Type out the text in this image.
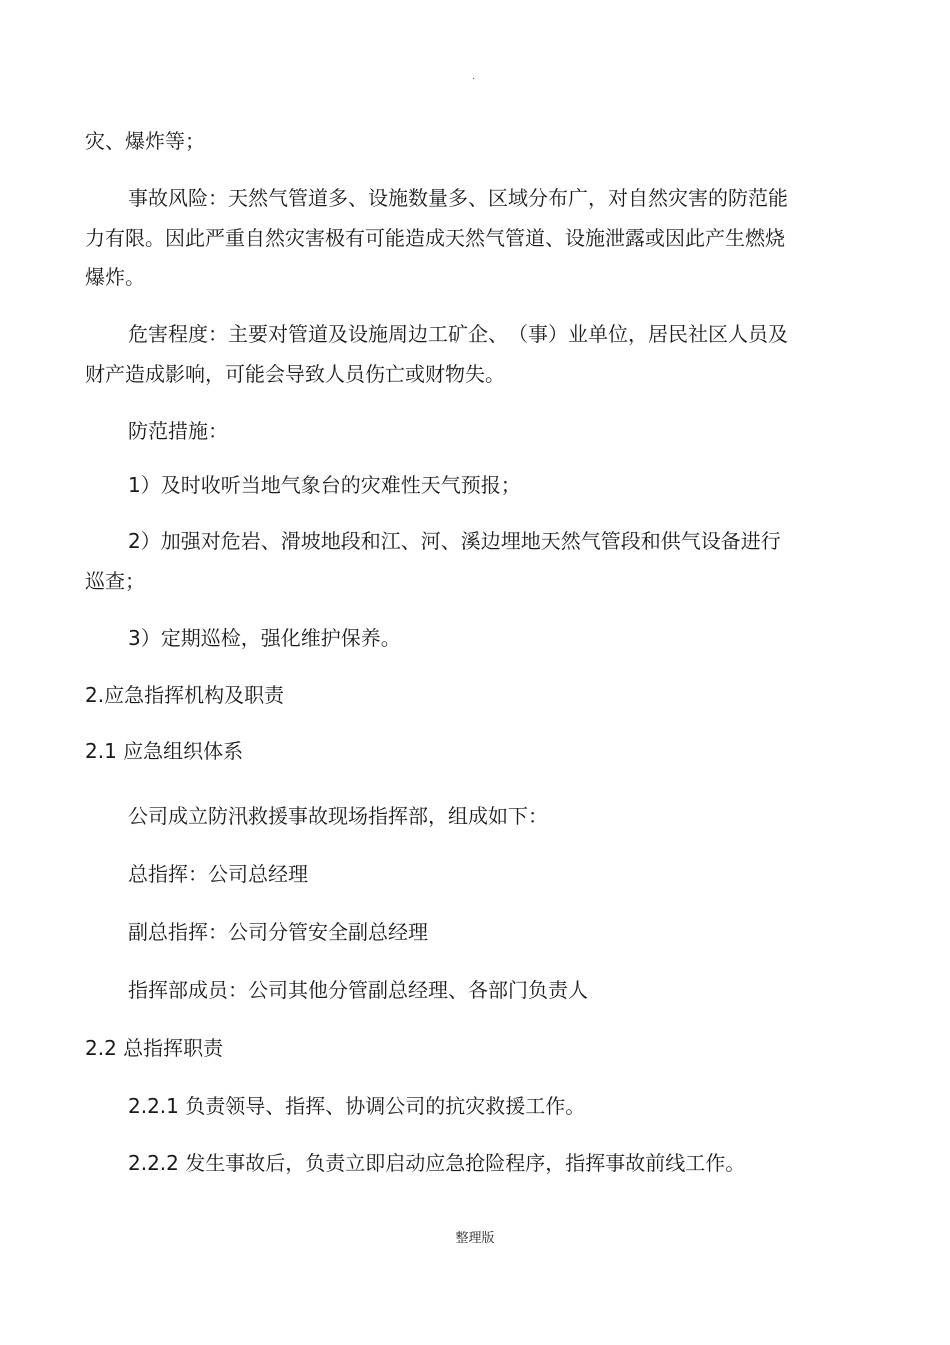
.
灾、爆炸等；
事故风险：天然气管道多、设施数量多、区域分布广，对自然灾害的防范能
力有限。因此严重自然灾害极有可能造成天然气管道、设施泄露或因此产生燃烧
爆炸。
危害程度：主要对管道及设施周边工矿企、　（事）业单位，居民社区人员及
财产造成影响，可能会导致人员伤亡或财物失。
防范措施：
1）及时收听当地气象台的灾难性天气预报；
2）加强对危岩、滑坡地段和江、河、溪边埋地天然气管段和供气设备进行
巡查；
3）定期巡检，强化维护保养。
2.应急指挥机构及职责
2.1 应急组织体系
公司成立防汛救援事故现场指挥部，组成如下：
总指挥：公司总经理
副总指挥：公司分管安全副总经理
指挥部成员：公司其他分管副总经理、各部门负责人
2.2 总指挥职责
2.2.1 负责领导、指挥、协调公司的抗灾救援工作。
2.2.2 发生事故后，负责立即启动应急抢险程序，指挥事故前线工作。
整理版
